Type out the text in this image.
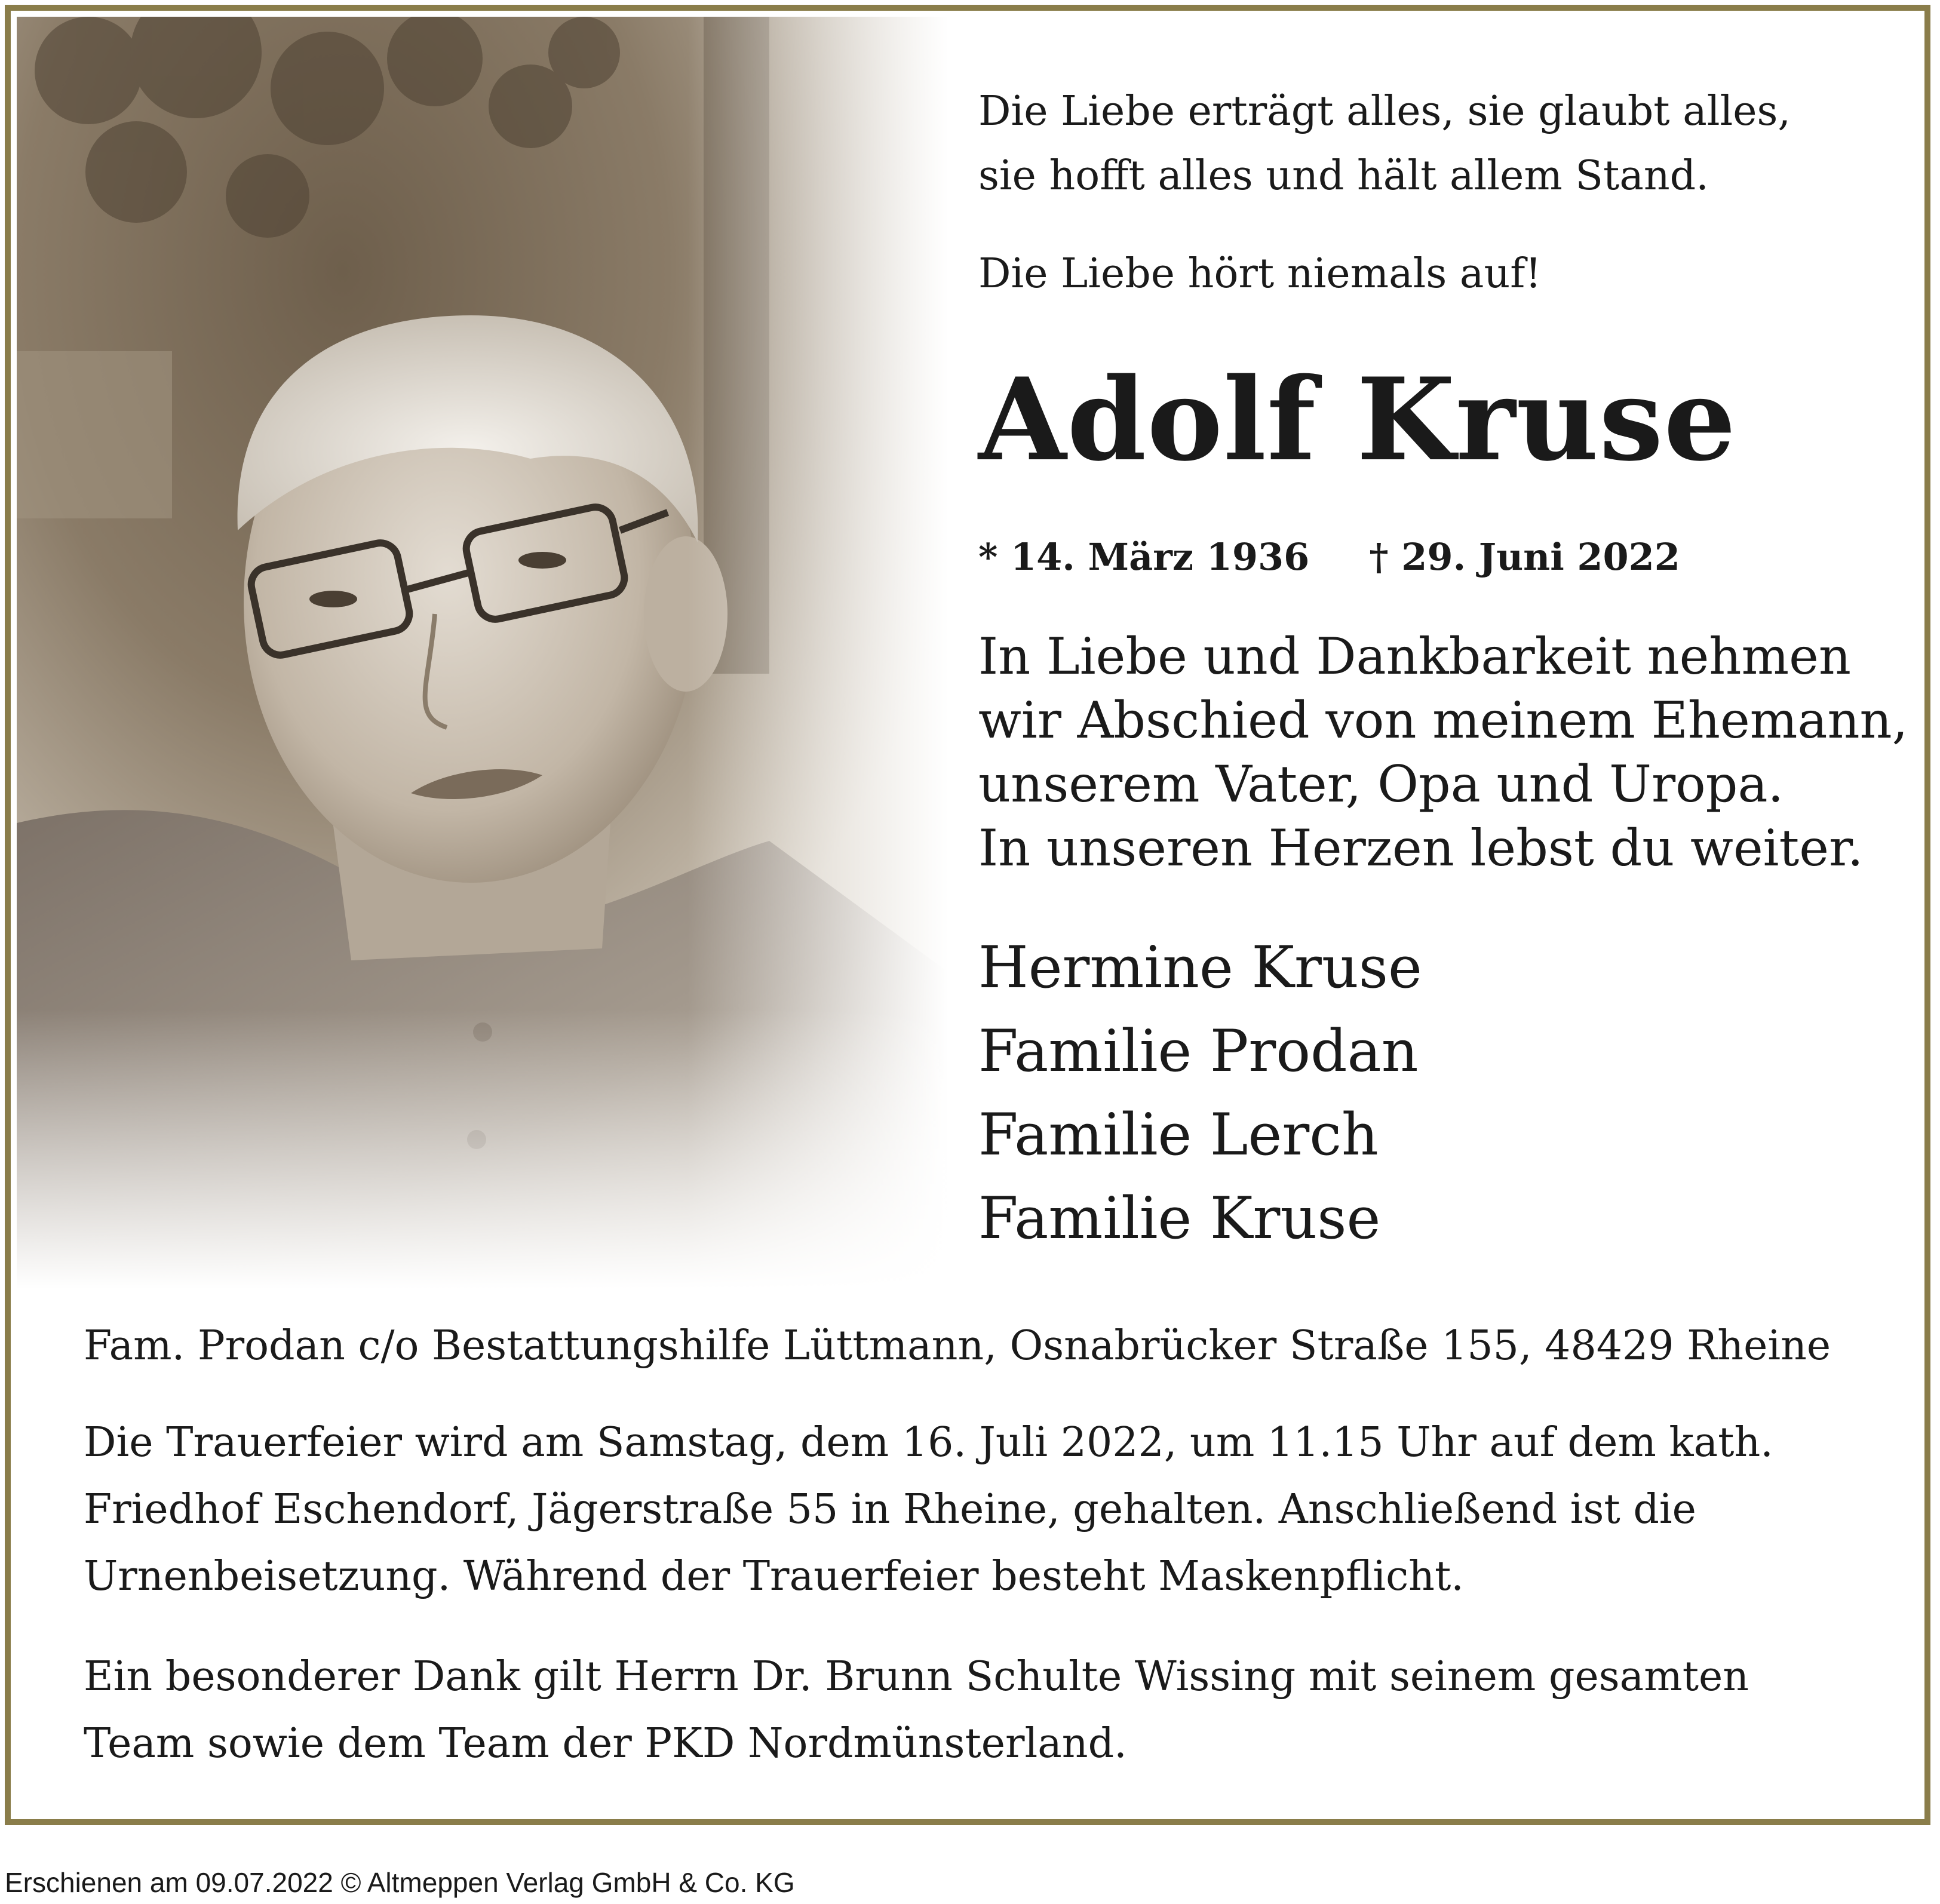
Die Liebe erträgt alles, sie glaubt alles,

sie hofft alles und hält allem Stand.

Die Liebe hört niemals auf!

Adolf Kruse
* 14. März 1936 † 29. Juni 2022

In Liebe und Dankbarkeit nehmen

wir Abschied von meinem Ehemann,

unserem Vater, Opa und Uropa.

In unseren Herzen lebst du weiter.

Hermine Kruse
Familie Prodan
Familie Lerch
Familie Kruse

Fam. Prodan c/o Bestattungshilfe Lüttmann, Osnabrücker Straße 155, 48429 Rheine

Die Trauerfeier wird am Samstag, dem 16. Juli 2022, um 11.15 Uhr auf dem kath.

Friedhof Eschendorf, Jägerstraße 55 in Rheine, gehalten. Anschließend ist die

Urnenbeisetzung. Während der Trauerfeier besteht Maskenpflicht.

Ein besonderer Dank gilt Herrn Dr. Brunn Schulte Wissing mit seinem gesamten

Team sowie dem Team der PKD Nordmünsterland.

Erschienen am 09.07.2022 © Altmeppen Verlag GmbH & Co. KG
